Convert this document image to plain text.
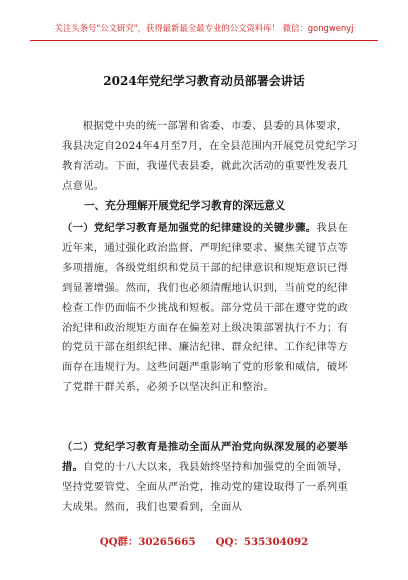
关注头条号"公文研究"，获得最新最全最专业的公文资料库！ 微信：gongwenyj
2024年党纪学习教育动员部署会讲话
根据党中央的统一部署和省委、市委、县委的具体要求，我县决定自2024年4月至7月，在全县范围内开展党员党纪学习教育活动。下面，我谨代表县委，就此次活动的重要性发表几点意见。
一、充分理解开展党纪学习教育的深远意义
（一）党纪学习教育是加强党的纪律建设的关键步骤。我县在近年来，通过强化政治监督、严明纪律要求、聚焦关键节点等多项措施，各级党组织和党员干部的纪律意识和规矩意识已得到显著增强。然而，我们也必须清醒地认识到，当前党的纪律检查工作仍面临不少挑战和短板。部分党员干部在遵守党的政治纪律和政治规矩方面存在偏差对上级决策部署执行不力；有的党员干部在组织纪律、廉洁纪律、群众纪律、工作纪律等方面存在违规行为。这些问题严重影响了党的形象和威信，破坏了党群干群关系，必须予以坚决纠正和整治。
（二）党纪学习教育是推动全面从严治党向纵深发展的必要举措。自党的十八大以来，我县始终坚持和加强党的全面领导，坚持党要管党、全面从严治党，推动党的建设取得了一系列重大成果。然而，我们也要看到，全面从
QQ群：30265665 QQ：535304092
